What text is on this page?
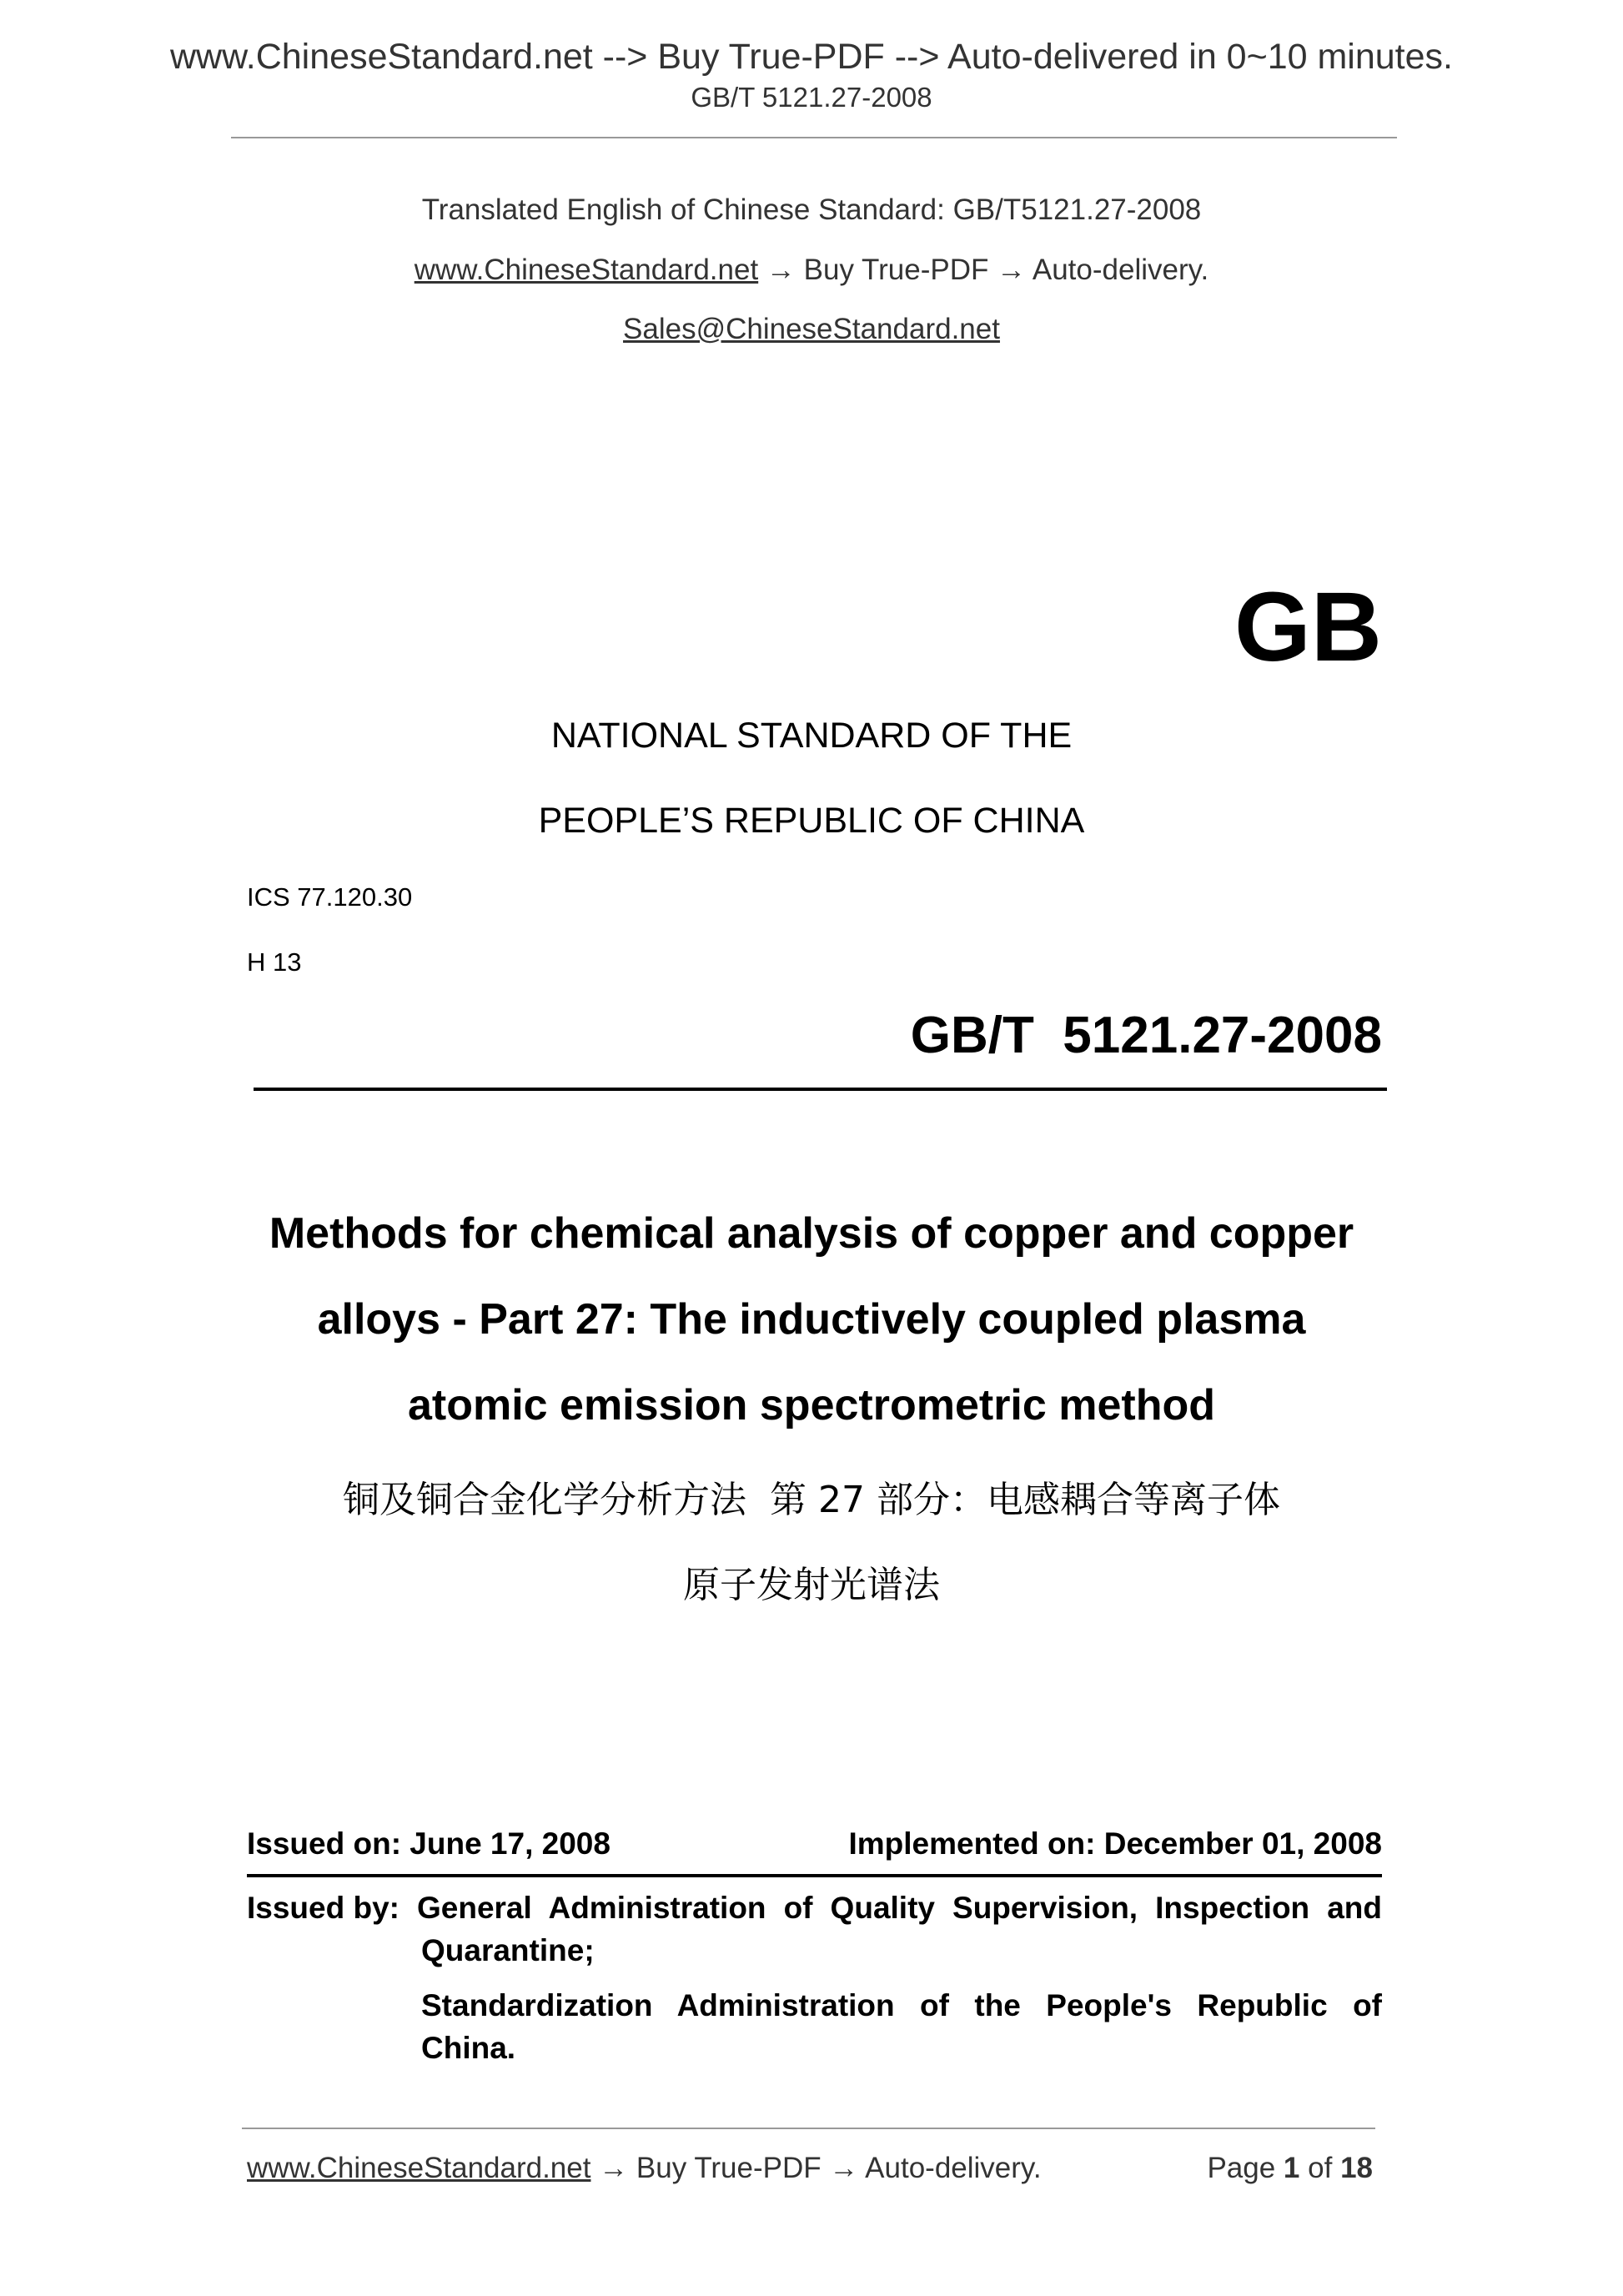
www.ChineseStandard.net --> Buy True-PDF --> Auto-delivered in 0~10 minutes.
GB/T 5121.27-2008
Translated English of Chinese Standard: GB/T5121.27-2008
www.ChineseStandard.net → Buy True-PDF → Auto-delivery.
Sales@ChineseStandard.net
GB
NATIONAL STANDARD OF THE
PEOPLE’S REPUBLIC OF CHINA
ICS 77.120.30
H 13
GB/T  5121.27-2008
Methods for chemical analysis of copper and copper
alloys - Part 27: The inductively coupled plasma
atomic emission spectrometric method
铜及铜合金化学分析方法  第 27 部分：电感耦合等离子体
原子发射光谱法
Issued on: June 17, 2008	Implemented on: December 01, 2008
Issued by: General Administration of Quality Supervision, Inspection and
Quarantine;
Standardization Administration of the People's Republic of
China.
www.ChineseStandard.net → Buy True-PDF → Auto-delivery.	Page 1 of 18
